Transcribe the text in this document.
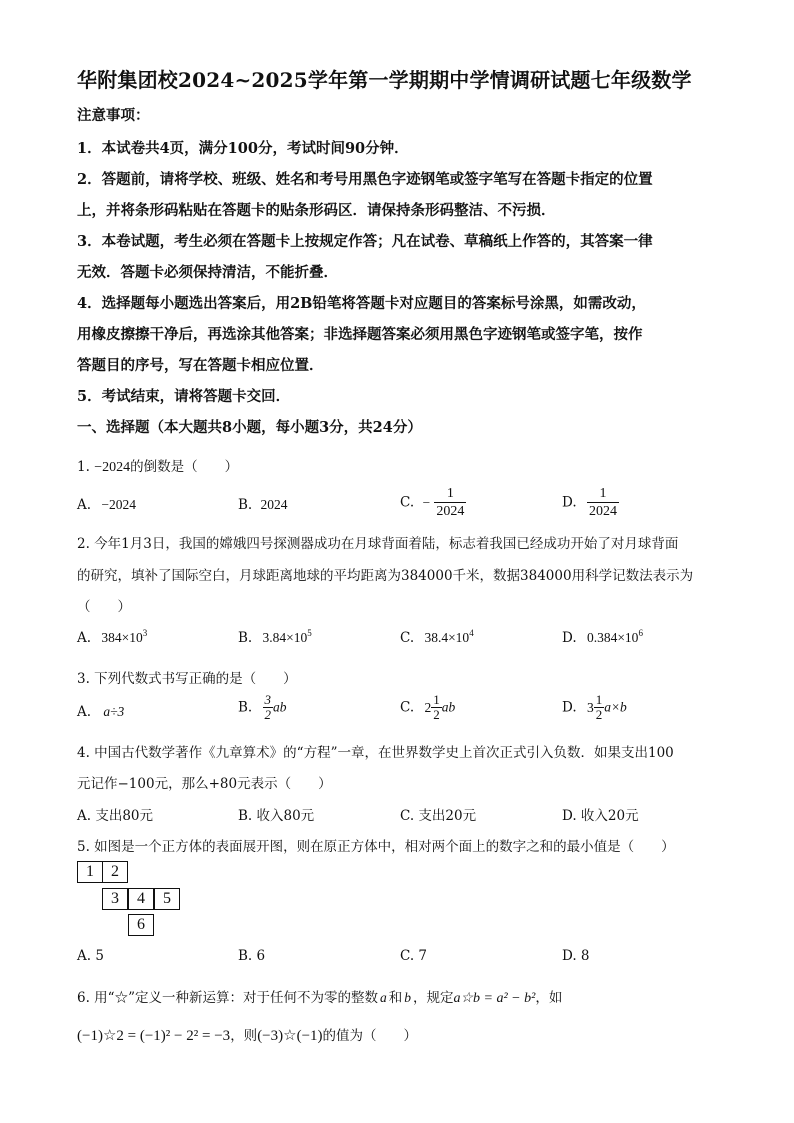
华附集团校2024~2025学年第一学期期中学情调研试题七年级数学
注意事项：
1．本试卷共4页，满分100分，考试时间90分钟．
2．答题前，请将学校、班级、姓名和考号用黑色字迹钢笔或签字笔写在答题卡指定的位置
上，并将条形码粘贴在答题卡的贴条形码区．请保持条形码整洁、不污损．
3．本卷试题，考生必须在答题卡上按规定作答；凡在试卷、草稿纸上作答的，其答案一律
无效．答题卡必须保持清洁，不能折叠．
4．选择题每小题选出答案后，用2B铅笔将答题卡对应题目的答案标号涂黑，如需改动，
用橡皮擦擦干净后，再选涂其他答案；非选择题答案必须用黑色字迹钢笔或签字笔，按作
答题目的序号，写在答题卡相应位置．
5．考试结束，请将答题卡交回．
一、选择题（本大题共8小题，每小题3分，共24分）
1. −2024的倒数是（　　）
A. −2024	B. 2024	C. − $\frac{1}{2024}$	D. $\frac{1}{2024}$
2. 今年1月3日，我国的嫦娥四号探测器成功在月球背面着陆，标志着我国已经成功开始了对月球背面
的研究，填补了国际空白，月球距离地球的平均距离为384000千米，数据384000用科学记数法表示为
（　　）
A. $384\times 10^3$	B. $3.84\times 10^5$	C. $38.4\times 10^4$	D. $0.384\times 10^6$
3. 下列代数式书写正确的是（　　）
A. a÷3	B. $\frac{3}{2}$ ab	C. $2 \frac{1}{2}$ ab	D. $3 \frac{1}{2} a\times b$
4. 中国古代数学著作《九章算术》的“方程”一章，在世界数学史上首次正式引入负数．如果支出100
元记作−100元，那么+80元表示（　　）
A. 支出80元	B. 收入80元	C. 支出20元	D. 收入20元
5. 如图是一个正方体的表面展开图，则在原正方体中，相对两个面上的数字之和的最小值是（　　）
1	2
3	4	5
6
A. 5	B. 6	C. 7	D. 8
6. 用“☆”定义一种新运算：对于任何不为零的整数 a 和 b ，规定a☆b = a² − b²，如
(−1)☆2 = (−1)² − 2² = −3，则(−3)☆(−1)的值为（　　）
